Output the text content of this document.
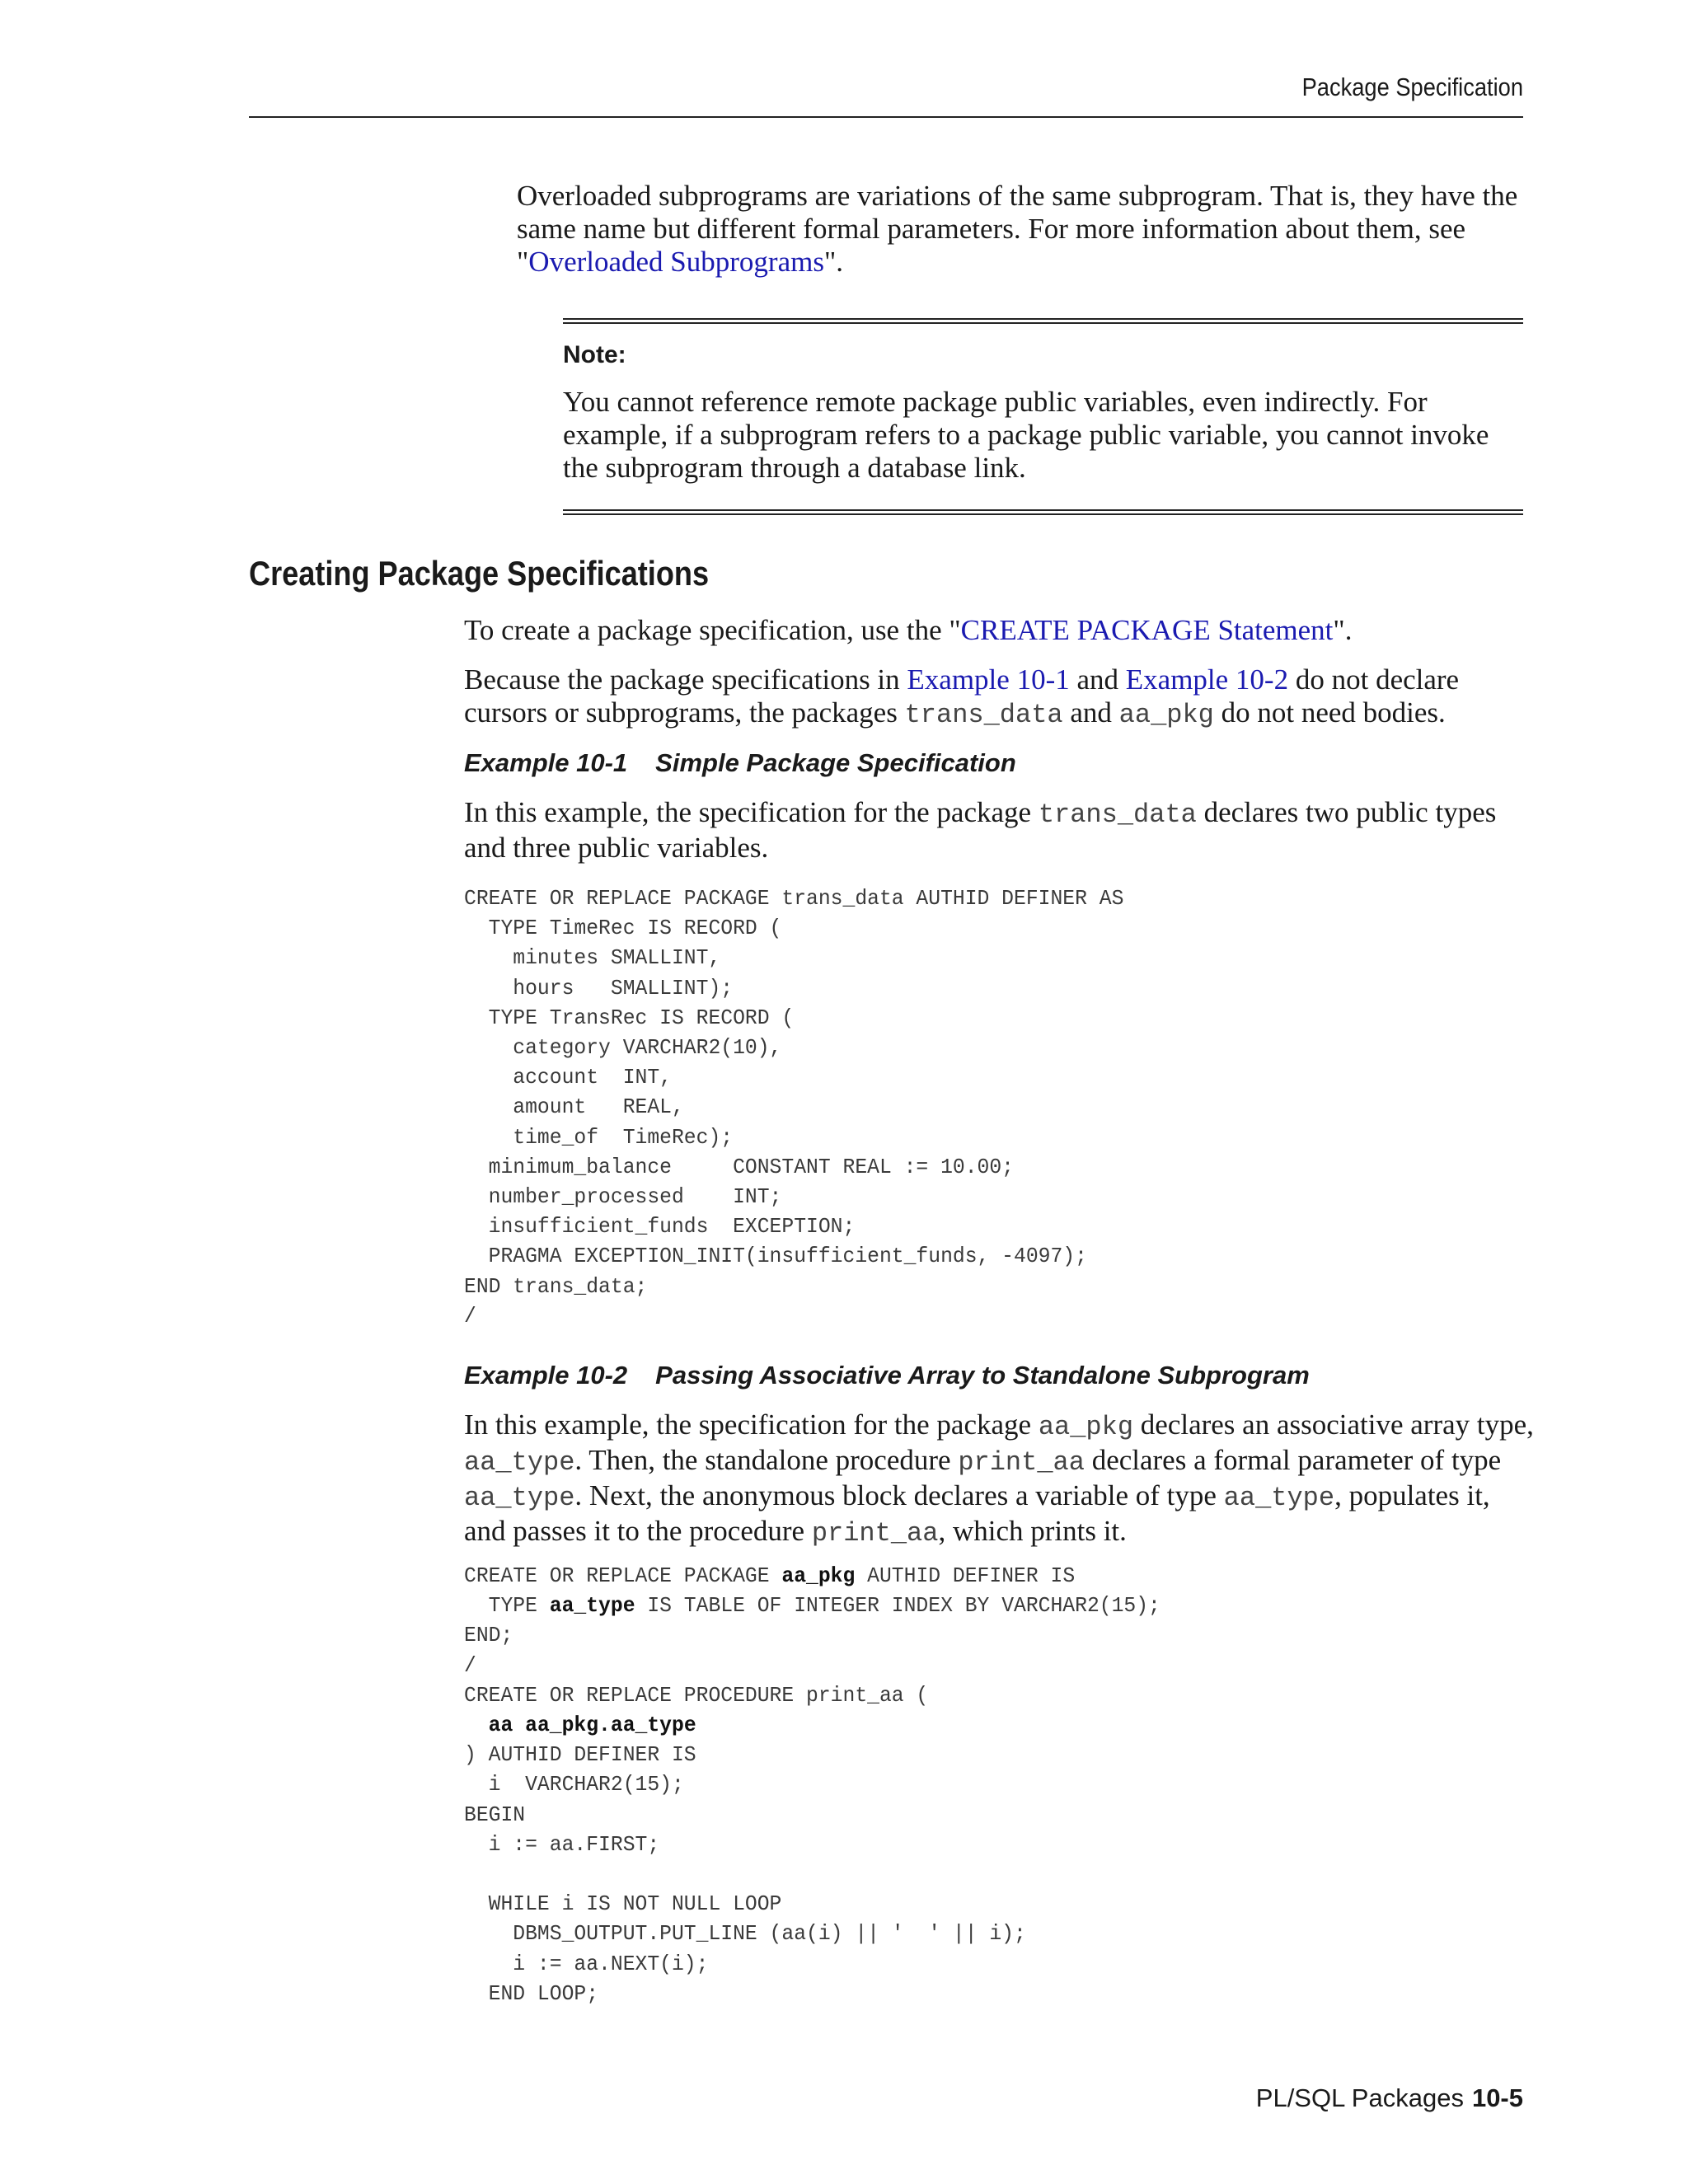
Package Specification
Overloaded subprograms are variations of the same subprogram. That is, they have the same name but different formal parameters. For more information about them, see "Overloaded Subprograms".
Note:
You cannot reference remote package public variables, even indirectly. For example, if a subprogram refers to a package public variable, you cannot invoke the subprogram through a database link.
Creating Package Specifications
To create a package specification, use the "CREATE PACKAGE Statement".
Because the package specifications in Example 10-1 and Example 10-2 do not declare cursors or subprograms, the packages trans_data and aa_pkg do not need bodies.
Example 10-1 Simple Package Specification
In this example, the specification for the package trans_data declares two public types and three public variables.
CREATE OR REPLACE PACKAGE trans_data AUTHID DEFINER AS
TYPE TimeRec IS RECORD (
minutes SMALLINT,
hours   SMALLINT);
TYPE TransRec IS RECORD (
category VARCHAR2(10),
account  INT,
amount   REAL,
time_of  TimeRec);
minimum_balance     CONSTANT REAL := 10.00;
number_processed    INT;
insufficient_funds  EXCEPTION;
PRAGMA EXCEPTION_INIT(insufficient_funds, -4097);
END trans_data;
/

Example 10-2 Passing Associative Array to Standalone Subprogram
In this example, the specification for the package aa_pkg declares an associative array type, aa_type. Then, the standalone procedure print_aa declares a formal parameter of type aa_type. Next, the anonymous block declares a variable of type aa_type, populates it, and passes it to the procedure print_aa, which prints it.
CREATE OR REPLACE PACKAGE aa_pkg AUTHID DEFINER IS
TYPE aa_type IS TABLE OF INTEGER INDEX BY VARCHAR2(15);
END;
/
CREATE OR REPLACE PROCEDURE print_aa (
aa aa_pkg.aa_type
) AUTHID DEFINER IS
i  VARCHAR2(15);
BEGIN
i := aa.FIRST;

WHILE i IS NOT NULL LOOP
DBMS_OUTPUT.PUT_LINE (aa(i) || '  ' || i);
i := aa.NEXT(i);
END LOOP;

PL/SQL Packages 10-5
